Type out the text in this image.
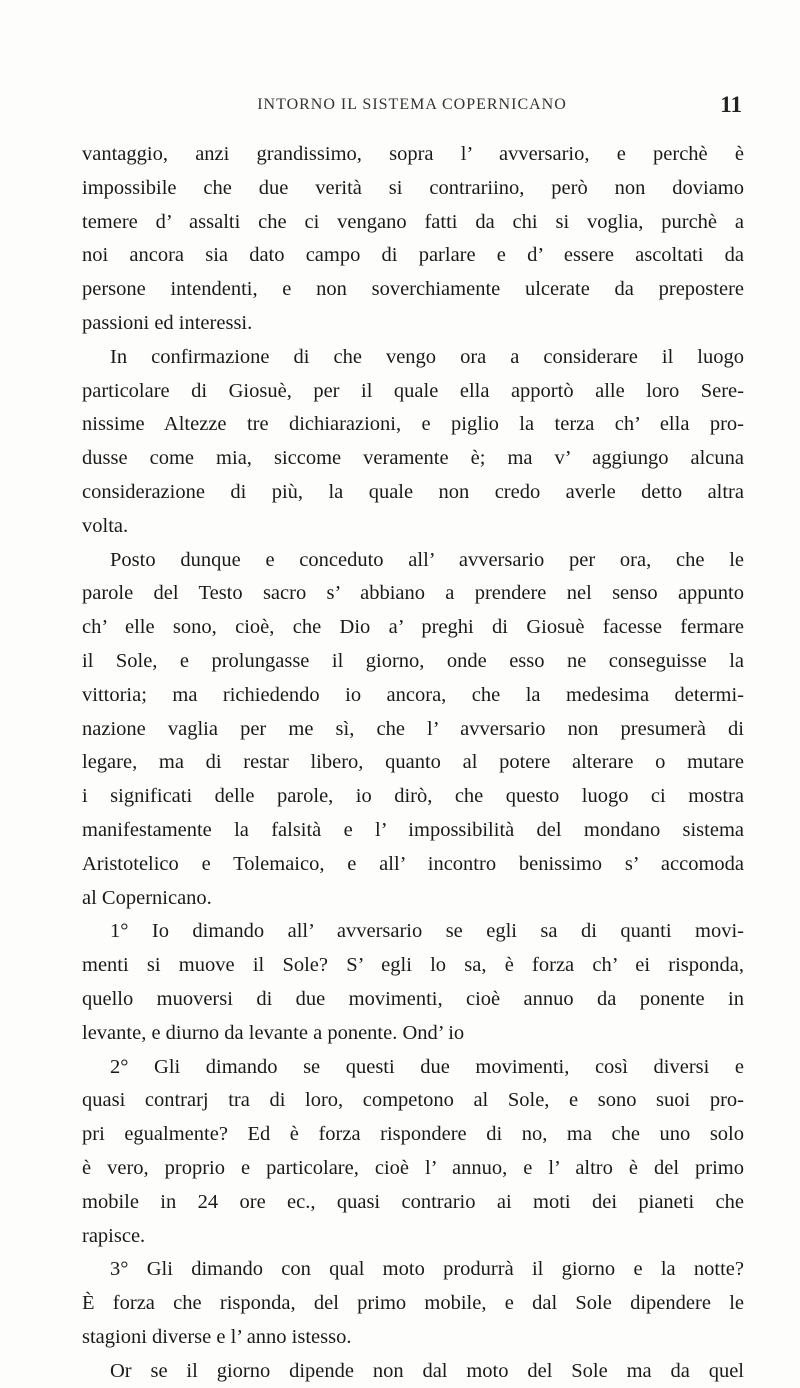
INTORNO IL SISTEMA COPERNICANO	11
vantaggio, anzi grandissimo, sopra l’ avversario, e perchè è
impossibile che due verità si contrariino, però non doviamo
temere d’ assalti che ci vengano fatti da chi si voglia, purchè a
noi ancora sia dato campo di parlare e d’ essere ascoltati da
persone intendenti, e non soverchiamente ulcerate da prepostere
passioni ed interessi.
In confirmazione di che vengo ora a considerare il luogo
particolare di Giosuè, per il quale ella apportò alle loro Sere-
nissime Altezze tre dichiarazioni, e piglio la terza ch’ ella pro-
dusse come mia, siccome veramente è; ma v’ aggiungo alcuna
considerazione di più, la quale non credo averle detto altra
volta.
Posto dunque e conceduto all’ avversario per ora, che le
parole del Testo sacro s’ abbiano a prendere nel senso appunto
ch’ elle sono, cioè, che Dio a’ preghi di Giosuè facesse fermare
il Sole, e prolungasse il giorno, onde esso ne conseguisse la
vittoria; ma richiedendo io ancora, che la medesima determi-
nazione vaglia per me sì, che l’ avversario non presumerà di
legare, ma di restar libero, quanto al potere alterare o mutare
i significati delle parole, io dirò, che questo luogo ci mostra
manifestamente la falsità e l’ impossibilità del mondano sistema
Aristotelico e Tolemaico, e all’ incontro benissimo s’ accomoda
al Copernicano.
1° Io dimando all’ avversario se egli sa di quanti movi-
menti si muove il Sole? S’ egli lo sa, è forza ch’ ei risponda,
quello muoversi di due movimenti, cioè annuo da ponente in
levante, e diurno da levante a ponente. Ond’ io
2° Gli dimando se questi due movimenti, così diversi e
quasi contrarj tra di loro, competono al Sole, e sono suoi pro-
pri egualmente? Ed è forza rispondere di no, ma che uno solo
è vero, proprio e particolare, cioè l’ annuo, e l’ altro è del primo
mobile in 24 ore ec., quasi contrario ai moti dei pianeti che
rapisce.
3° Gli dimando con qual moto produrrà il giorno e la notte?
È forza che risponda, del primo mobile, e dal Sole dipendere le
stagioni diverse e l’ anno istesso.
Or se il giorno dipende non dal moto del Sole ma da quel
